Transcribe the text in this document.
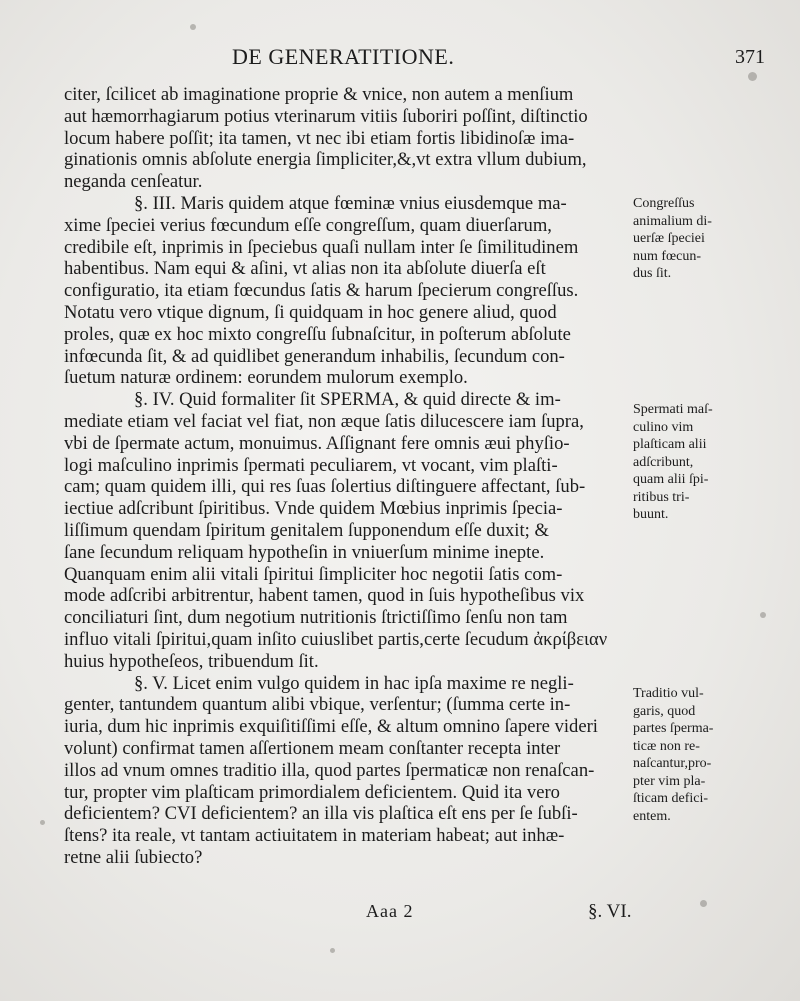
DE GENERATITIONE.	371
citer, ſcilicet ab imaginatione proprie & vnice, non autem a menſium
aut hæmorrhagiarum potius vterinarum vitiis ſuboriri poſſint, diſtinctio
locum habere poſſit; ita tamen, vt nec ibi etiam fortis libidinoſæ ima-
ginationis omnis abſolute energia ſimpliciter,&,vt extra vllum dubium,
neganda cenſeatur.
§. III. Maris quidem atque fœminæ vnius eiusdemque ma-
xime ſpeciei verius fœcundum eſſe congreſſum, quam diuerſarum,
credibile eſt, inprimis in ſpeciebus quaſi nullam inter ſe ſimilitudinem
habentibus. Nam equi & aſini, vt alias non ita abſolute diuerſa eſt
configuratio, ita etiam fœcundus ſatis & harum ſpecierum congreſſus.
Notatu vero vtique dignum, ſi quidquam in hoc genere aliud, quod
proles, quæ ex hoc mixto congreſſu ſubnaſcitur, in poſterum abſolute
infœcunda ſit, & ad quidlibet generandum inhabilis, ſecundum con-
ſuetum naturæ ordinem: eorundem mulorum exemplo.
§. IV. Quid formaliter ſit SPERMA, & quid directe & im-
mediate etiam vel faciat vel fiat, non æque ſatis dilucescere iam ſupra,
vbi de ſpermate actum, monuimus. Aſſignant fere omnis æui phyſio-
logi maſculino inprimis ſpermati peculiarem, vt vocant, vim plaſti-
cam; quam quidem illi, qui res ſuas ſolertius diſtinguere affectant, ſub-
iectiue adſcribunt ſpiritibus. Vnde quidem Mœbius inprimis ſpecia-
liſſimum quendam ſpiritum genitalem ſupponendum eſſe duxit; &
ſane ſecundum reliquam hypotheſin in vniuerſum minime inepte.
Quanquam enim alii vitali ſpiritui ſimpliciter hoc negotii ſatis com-
mode adſcribi arbitrentur, habent tamen, quod in ſuis hypotheſibus vix
conciliaturi ſint, dum negotium nutritionis ſtrictiſſimo ſenſu non tam
influo vitali ſpiritui,quam inſito cuiuslibet partis,certe ſecudum ἀκρίβειαν
huius hypotheſeos, tribuendum ſit.
§. V. Licet enim vulgo quidem in hac ipſa maxime re negli-
genter, tantundem quantum alibi vbique, verſentur; (ſumma certe in-
iuria, dum hic inprimis exquiſitiſſimi eſſe, & altum omnino ſapere videri
volunt) confirmat tamen aſſertionem meam conſtanter recepta inter
illos ad vnum omnes traditio illa, quod partes ſpermaticæ non renaſcan-
tur, propter vim plaſticam primordialem deficientem. Quid ita vero
deficientem? CVI deficientem? an illa vis plaſtica eſt ens per ſe ſubſi-
ſtens? ita reale, vt tantam actiuitatem in materiam habeat; aut inhæ-
retne alii ſubiecto?
Congreſſus
animalium di-
uerſæ ſpeciei
num fœcun-
dus ſit.
Spermati maſ-
culino vim
plaſticam alii
adſcribunt,
quam alii ſpi-
ritibus tri-
buunt.
Traditio vul-
garis, quod
partes ſperma-
ticæ non re-
naſcantur,pro-
pter vim pla-
ſticam defici-
entem.
Aaa 2	§. VI.
